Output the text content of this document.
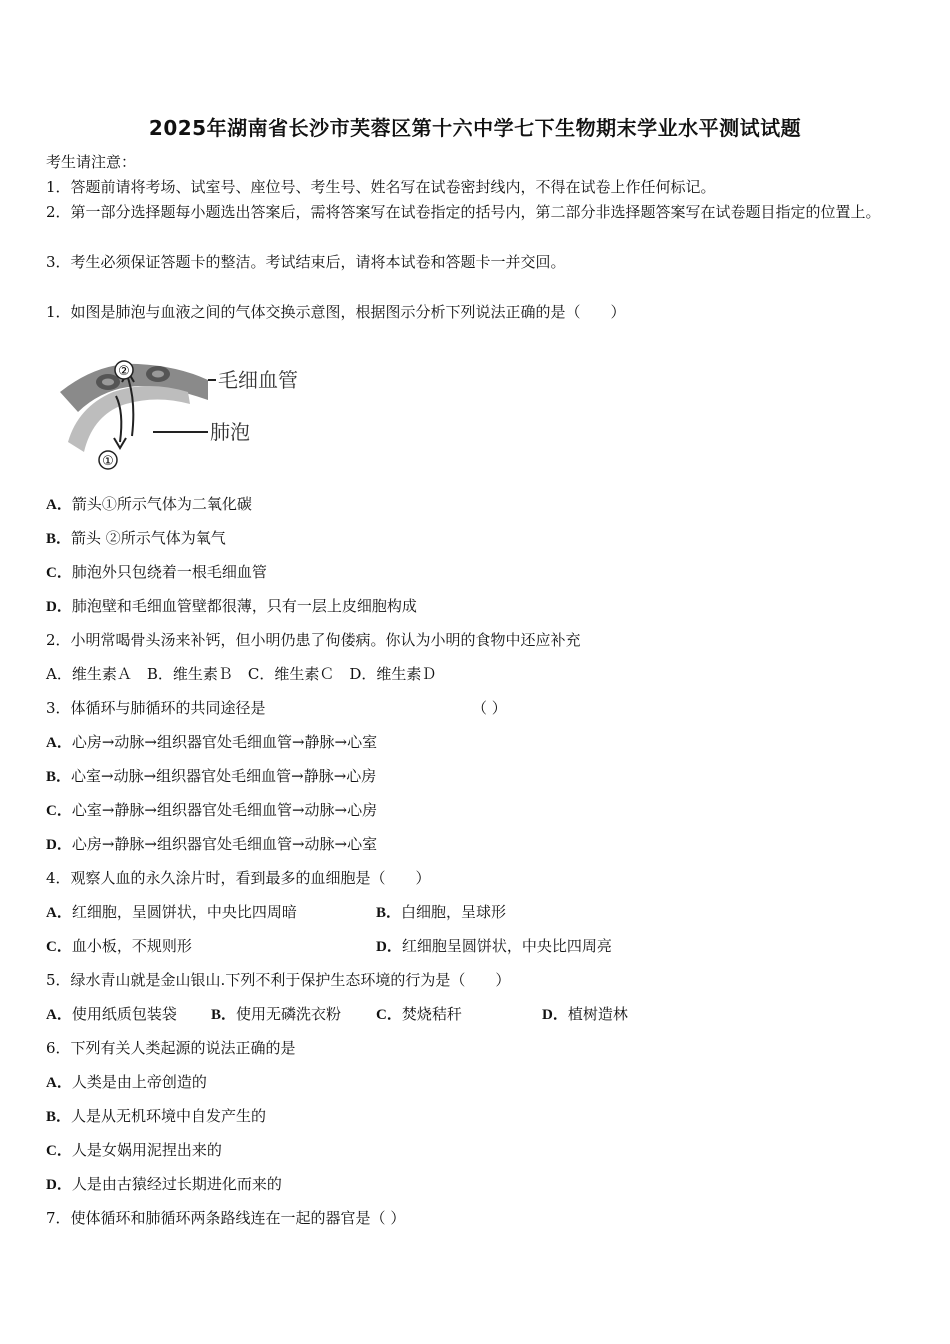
2025年湖南省长沙市芙蓉区第十六中学七下生物期末学业水平测试试题
考生请注意：
1．答题前请将考场、试室号、座位号、考生号、姓名写在试卷密封线内，不得在试卷上作任何标记。
2．第一部分选择题每小题选出答案后，需将答案写在试卷指定的括号内，第二部分非选择题答案写在试卷题目指定的位置上。
3．考生必须保证答题卡的整洁。考试结束后，请将本试卷和答题卡一并交回。
1．如图是肺泡与血液之间的气体交换示意图，根据图示分析下列说法正确的是（　　）
②
①
毛细血管
肺泡
A．箭头①所示气体为二氧化碳
B．箭头 ②所示气体为氧气
C．肺泡外只包绕着一根毛细血管
D．肺泡壁和毛细血管壁都很薄，只有一层上皮细胞构成
2．小明常喝骨头汤来补钙，但小明仍患了佝偻病。你认为小明的食物中还应补充
A．维生素Ａ　B．维生素Ｂ　C．维生素Ｃ　D．维生素Ｄ
3．体循环与肺循环的共同途径是	（ ）
A．心房→动脉→组织器官处毛细血管→静脉→心室
B．心室→动脉→组织器官处毛细血管→静脉→心房
C．心室→静脉→组织器官处毛细血管→动脉→心房
D．心房→静脉→组织器官处毛细血管→动脉→心室
4．观察人血的永久涂片时，看到最多的血细胞是（　　）
A．红细胞，呈圆饼状，中央比四周暗	B．白细胞，呈球形
C．血小板，不规则形	D．红细胞呈圆饼状，中央比四周亮
5．绿水青山就是金山银山.下列不利于保护生态环境的行为是（　　）
A．使用纸质包装袋 B．使用无磷洗衣粉 C．焚烧秸秆	D．植树造林
6．下列有关人类起源的说法正确的是
A．人类是由上帝创造的
B．人是从无机环境中自发产生的
C．人是女娲用泥捏出来的
D．人是由古猿经过长期进化而来的
7．使体循环和肺循环两条路线连在一起的器官是（ ）
